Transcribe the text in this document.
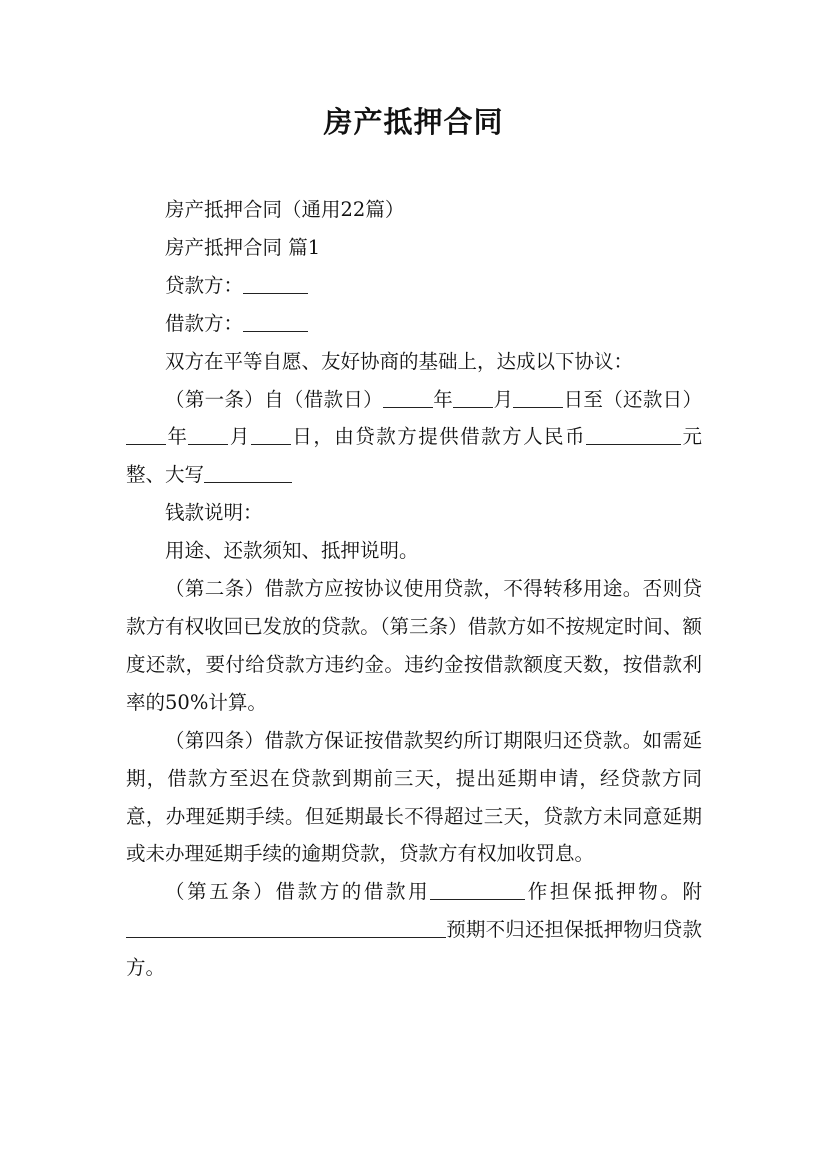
房产抵押合同

房产抵押合同（通用22篇）

房产抵押合同 篇1

贷款方：

借款方：

双方在平等自愿、友好协商的基础上，达成以下协议：

（第一条）自（借款日）	年 月	日至（还款日）年 月 日，由贷款方提供借款方人民币	元整、大写

钱款说明：

用途、还款须知、抵押说明。

（第二条）借款方应按协议使用贷款，不得转移用途。否则贷款方有权收回已发放的贷款。（第三条）借款方如不按规定时间、额度还款，要付给贷款方违约金。违约金按借款额度天数，按借款利率的50%计算。

（第四条）借款方保证按借款契约所订期限归还贷款。如需延期，借款方至迟在贷款到期前三天，提出延期申请，经贷款方同意，办理延期手续。但延期最长不得超过三天，贷款方未同意延期或未办理延期手续的逾期贷款，贷款方有权加收罚息。

（第五条）借款方的借款用	作担保抵押物。附预期不归还担保抵押物归贷款方。
